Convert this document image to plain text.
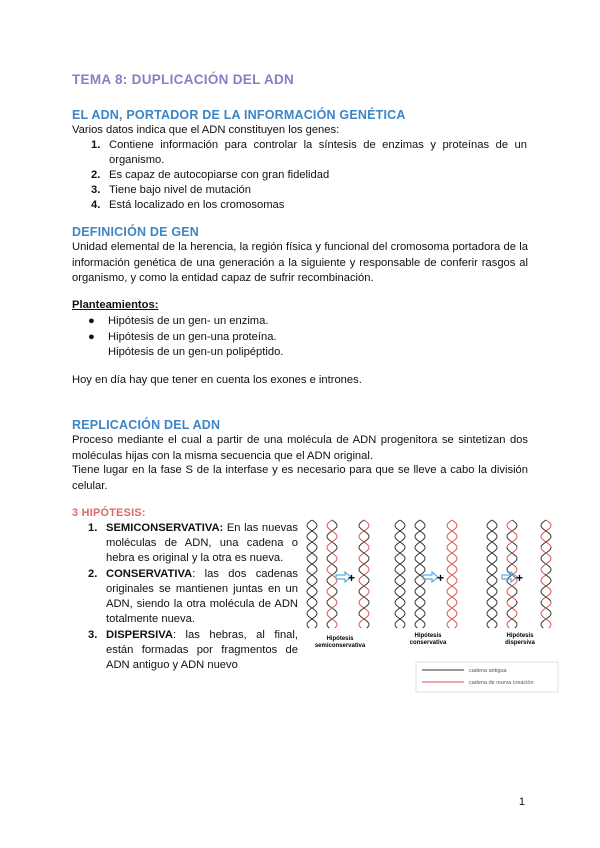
TEMA 8: DUPLICACIÓN DEL ADN
EL ADN, PORTADOR DE LA INFORMACIÓN GENÉTICA
Varios datos indica que el ADN constituyen los genes:
1. Contiene información para controlar la síntesis de enzimas y proteínas de un organismo.
2. Es capaz de autocopiarse con gran fidelidad
3. Tiene bajo nivel de mutación
4. Está localizado en los cromosomas
DEFINICIÓN DE GEN
Unidad elemental de la herencia, la región física y funcional del cromosoma portadora de la información genética de una generación a la siguiente y responsable de conferir rasgos al organismo, y como la entidad capaz de sufrir recombinación.
Planteamientos:
● Hipótesis de un gen- un enzima.
● Hipótesis de un gen-una proteína.
Hipótesis de un gen-un polipéptido.
Hoy en día hay que tener en cuenta los exones e intrones.
REPLICACIÓN DEL ADN
Proceso mediante el cual a partir de una molécula de ADN progenitora se sintetizan dos moléculas hijas con la misma secuencia que el ADN original.
Tiene lugar en la fase S de la interfase y es necesario para que se lleve a cabo la división celular.
3 HIPÓTESIS:
1. SEMICONSERVATIVA: En las nuevas moléculas de ADN, una cadena o hebra es original y la otra es nueva.
2. CONSERVATIVA: las dos cadenas originales se mantienen juntas en un ADN, siendo la otra molécula de ADN totalmente nueva.
3. DISPERSIVA: las hebras, al final, están formadas por fragmentos de ADN antiguo y ADN nuevo
+	+	+
Hipótesis
semiconservativa
Hipótesis
conservativa
Hipótesis
dispersiva
cadena antigua
cadena de nueva creación
1
